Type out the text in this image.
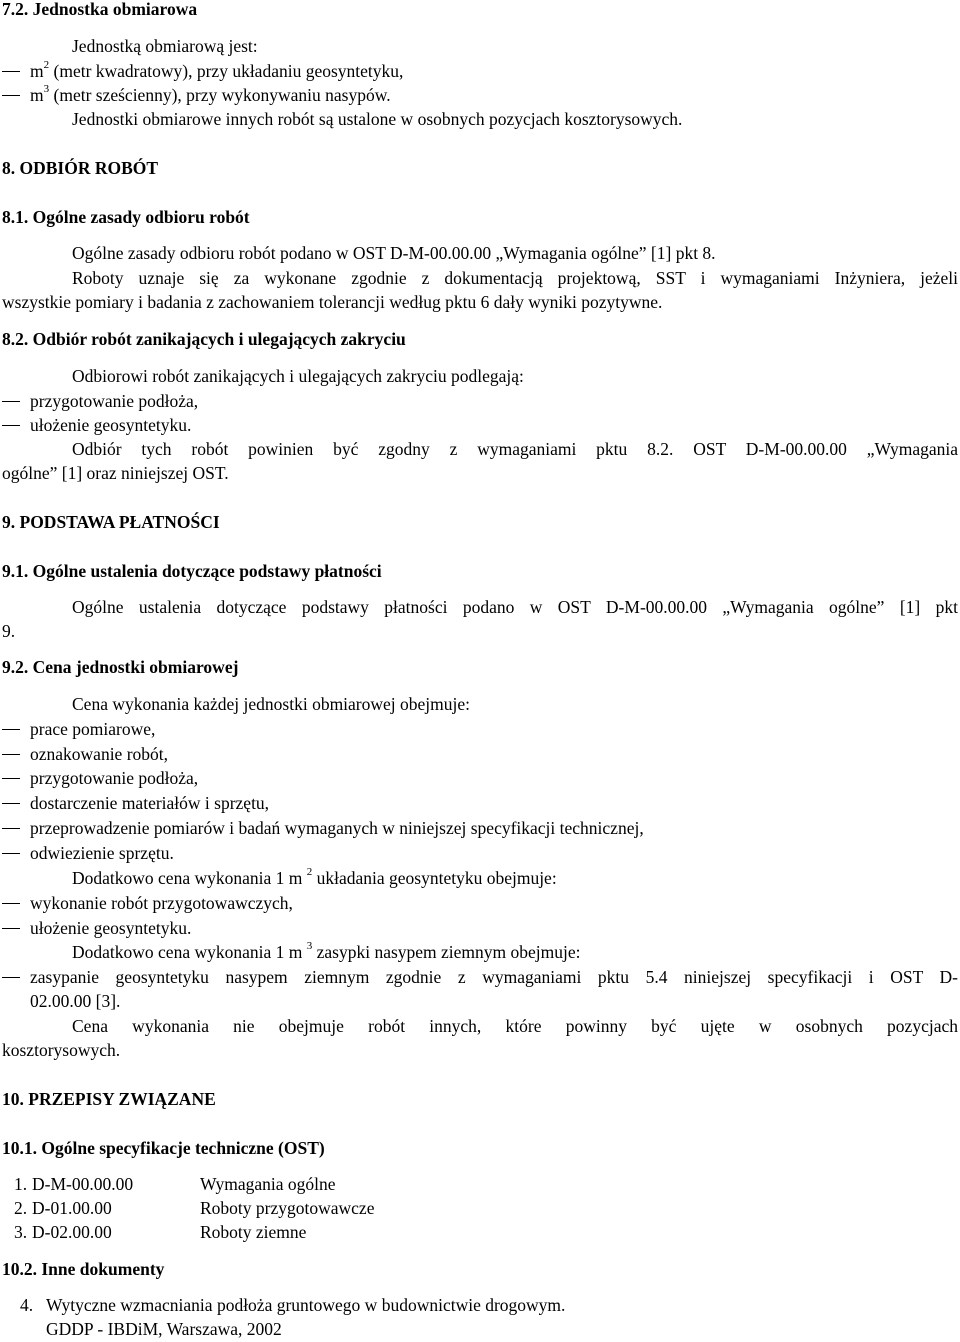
7.2. Jednostka obmiarowa
Jednostką obmiarową jest:
$m^2$ (metr kwadratowy), przy układaniu geosyntetyku,
$m^3$ (metr sześcienny), przy wykonywaniu nasypów.
Jednostki obmiarowe innych robót są ustalone w osobnych pozycjach kosztorysowych.
8. ODBIÓR ROBÓT
8.1. Ogólne zasady odbioru robót
Ogólne zasady odbioru robót podano w OST D-M-00.00.00 „Wymagania ogólne” [1] pkt 8.
Roboty uznaje się za wykonane zgodnie z dokumentacją projektową, SST i wymaganiami Inżyniera, jeżeli
wszystkie pomiary i badania z zachowaniem tolerancji według pktu 6 dały wyniki pozytywne.
8.2. Odbiór robót zanikających i ulegających zakryciu
Odbiorowi robót zanikających i ulegających zakryciu podlegają:
przygotowanie podłoża,
ułożenie geosyntetyku.
Odbiór tych robót powinien być zgodny z wymaganiami pktu 8.2. OST D-M-00.00.00 „Wymagania
ogólne” [1] oraz niniejszej OST.
9. PODSTAWA PŁATNOŚCI
9.1. Ogólne ustalenia dotyczące podstawy płatności
Ogólne ustalenia dotyczące podstawy płatności podano w OST D-M-00.00.00 „Wymagania ogólne” [1] pkt
9.
9.2. Cena jednostki obmiarowej
Cena wykonania każdej jednostki obmiarowej obejmuje:
prace pomiarowe,
oznakowanie robót,
przygotowanie podłoża,
dostarczenie materiałów i sprzętu,
przeprowadzenie pomiarów i badań wymaganych w niniejszej specyfikacji technicznej,
odwiezienie sprzętu.
Dodatkowo cena wykonania 1 m $^2$ układania geosyntetyku obejmuje:
wykonanie robót przygotowawczych,
ułożenie geosyntetyku.
Dodatkowo cena wykonania 1 m $^3$ zasypki nasypem ziemnym obejmuje:
zasypanie geosyntetyku nasypem ziemnym zgodnie z wymaganiami pktu 5.4 niniejszej specyfikacji i OST D-
02.00.00 [3].
Cena wykonania nie obejmuje robót innych, które powinny być ujęte w osobnych pozycjach
kosztorysowych.
10. PRZEPISY ZWIĄZANE
10.1. Ogólne specyfikacje techniczne (OST)
1. D-M-00.00.00	Wymagania ogólne
2. D-01.00.00	Roboty przygotowawcze
3. D-02.00.00	Roboty ziemne
10.2. Inne dokumenty
4. Wytyczne wzmacniania podłoża gruntowego w budownictwie drogowym.
GDDP - IBDiM, Warszawa, 2002
